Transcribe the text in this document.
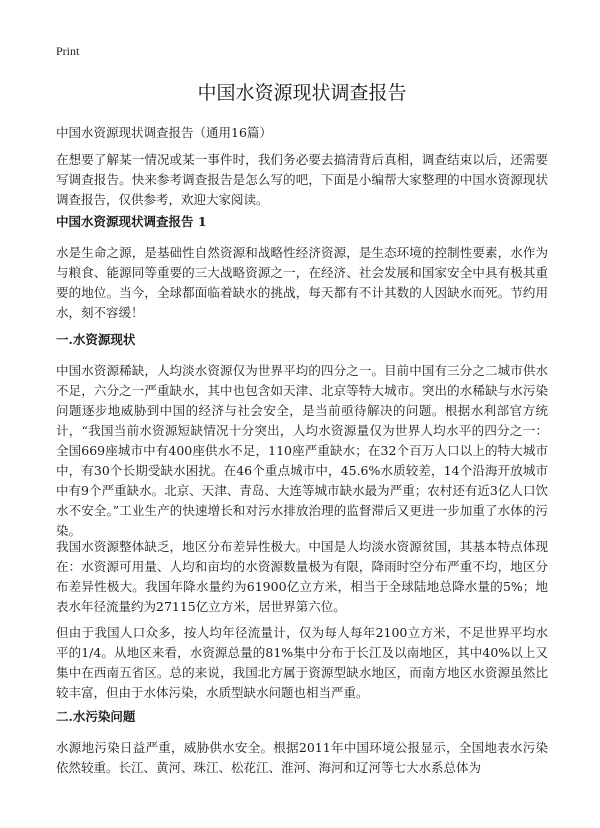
Print
中国水资源现状调查报告
中国水资源现状调查报告（通用16篇）

在想要了解某一情况或某一事件时，我们务必要去搞清背后真相，调查结束以后，还需要写调查报告。快来参考调查报告是怎么写的吧，下面是小编帮大家整理的中国水资源现状调查报告，仅供参考，欢迎大家阅读。

中国水资源现状调查报告 1

水是生命之源，是基础性自然资源和战略性经济资源，是生态环境的控制性要素，水作为与粮食、能源同等重要的三大战略资源之一，在经济、社会发展和国家安全中具有极其重要的地位。当今，全球都面临着缺水的挑战，每天都有不计其数的人因缺水而死。节约用水，刻不容缓！

一.水资源现状

中国水资源稀缺，人均淡水资源仅为世界平均的四分之一。目前中国有三分之二城市供水不足，六分之一严重缺水，其中也包含如天津、北京等特大城市。突出的水稀缺与水污染问题逐步地威胁到中国的经济与社会安全，是当前亟待解决的问题。根据水利部官方统计，“我国当前水资源短缺情况十分突出，人均水资源量仅为世界人均水平的四分之一：全国669座城市中有400座供水不足，110座严重缺水；在32个百万人口以上的特大城市中，有30个长期受缺水困扰。在46个重点城市中，45.6%水质较差，14个沿海开放城市中有9个严重缺水。北京、天津、青岛、大连等城市缺水最为严重；农村还有近3亿人口饮水不安全。”工业生产的快速增长和对污水排放治理的监督滞后又更进一步加重了水体的污染。

我国水资源整体缺乏，地区分布差异性极大。中国是人均淡水资源贫国，其基本特点体现在：水资源可用量、人均和亩均的水资源数量极为有限，降雨时空分布严重不均，地区分布差异性极大。我国年降水量约为61900亿立方米，相当于全球陆地总降水量的5%；地表水年径流量约为27115亿立方米，居世界第六位。

但由于我国人口众多，按人均年径流量计，仅为每人每年2100立方米，不足世界平均水平的1/4。从地区来看，水资源总量的81%集中分布于长江及以南地区，其中40%以上又集中在西南五省区。总的来说，我国北方属于资源型缺水地区，而南方地区水资源虽然比较丰富，但由于水体污染，水质型缺水问题也相当严重。

二.水污染问题

水源地污染日益严重，威胁供水安全。根据2011年中国环境公报显示，全国地表水污染依然较重。长江、黄河、珠江、松花江、淮河、海河和辽河等七大水系总体为
